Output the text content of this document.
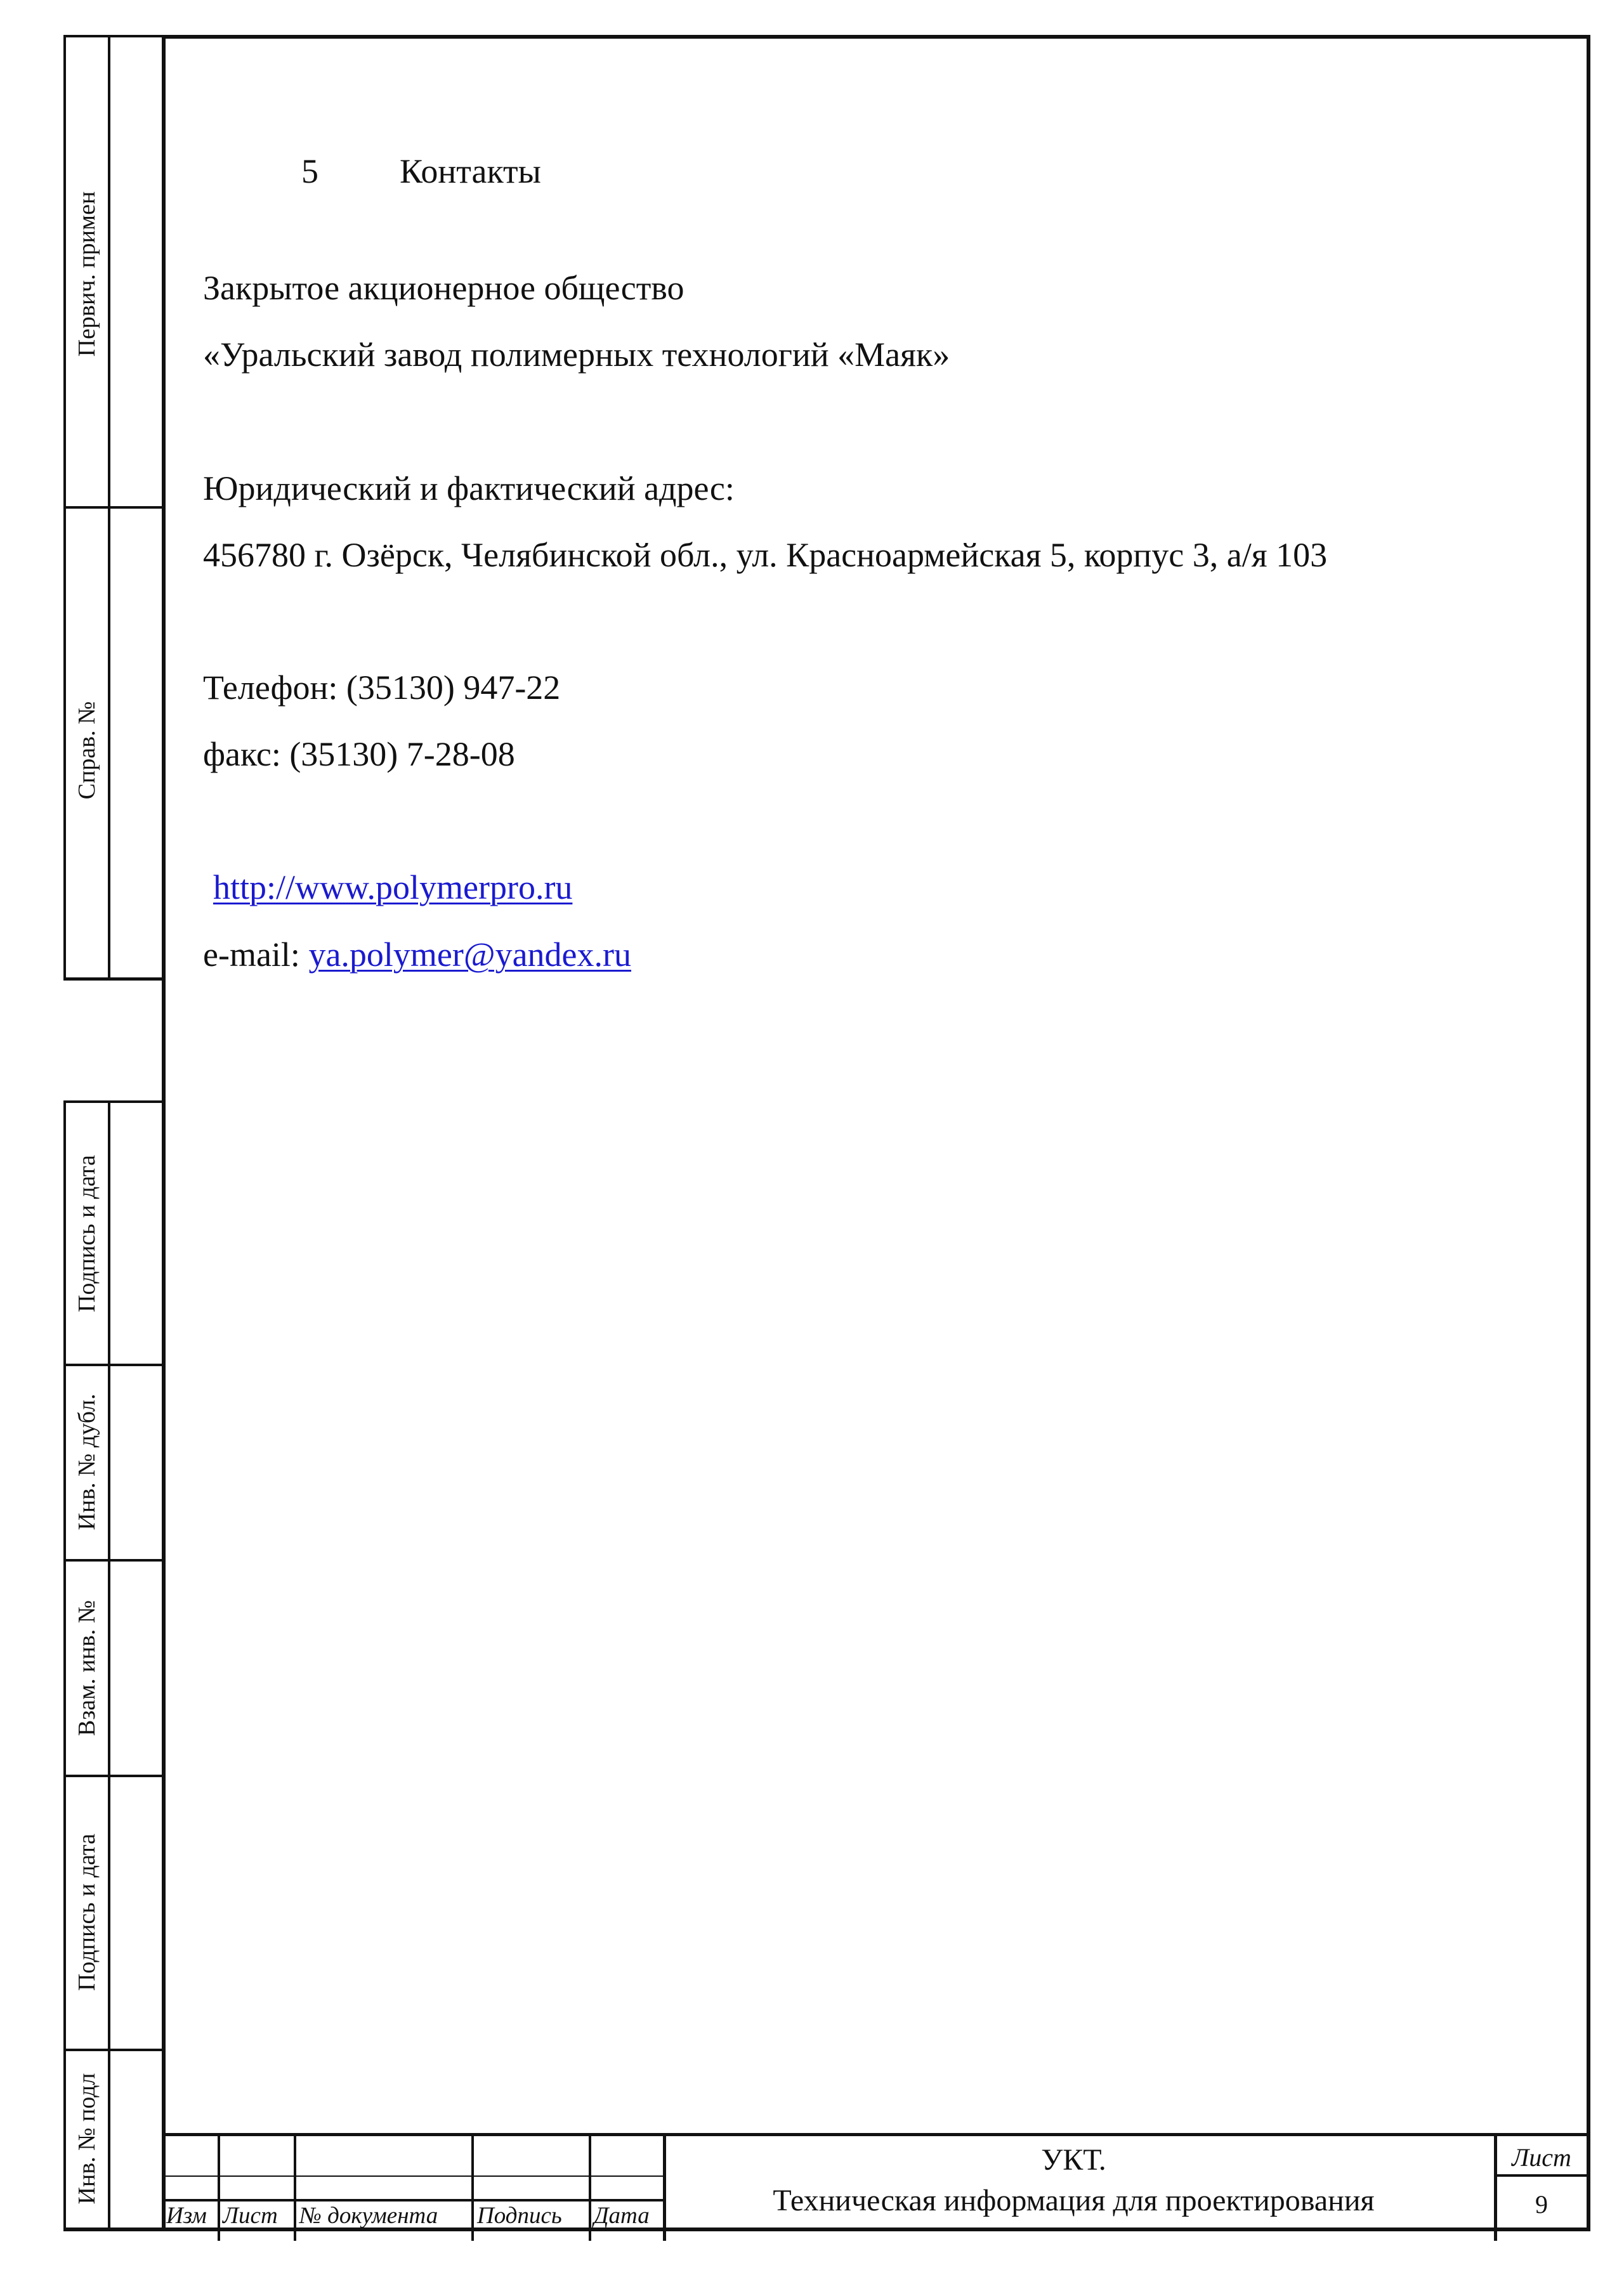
Первич. примен
Справ. №
Подпись и дата
Инв. № дубл.
Взам. инв. №
Подпись и дата
Инв. № подл
5 Контакты
Закрытое акционерное общество
«Уральский завод полимерных технологий «Маяк»
Юридический и фактический адрес:
456780 г. Озёрск, Челябинской обл., ул. Красноармейская 5, корпус 3, а/я 103
Телефон: (35130) 947-22
факс: (35130) 7-28-08
http://www.polymerpro.ru
e-mail: ya.polymer@yandex.ru
Изм Лист № документа Подпись Дата
УКТ.
Техническая информация для проектирования
Лист
9
